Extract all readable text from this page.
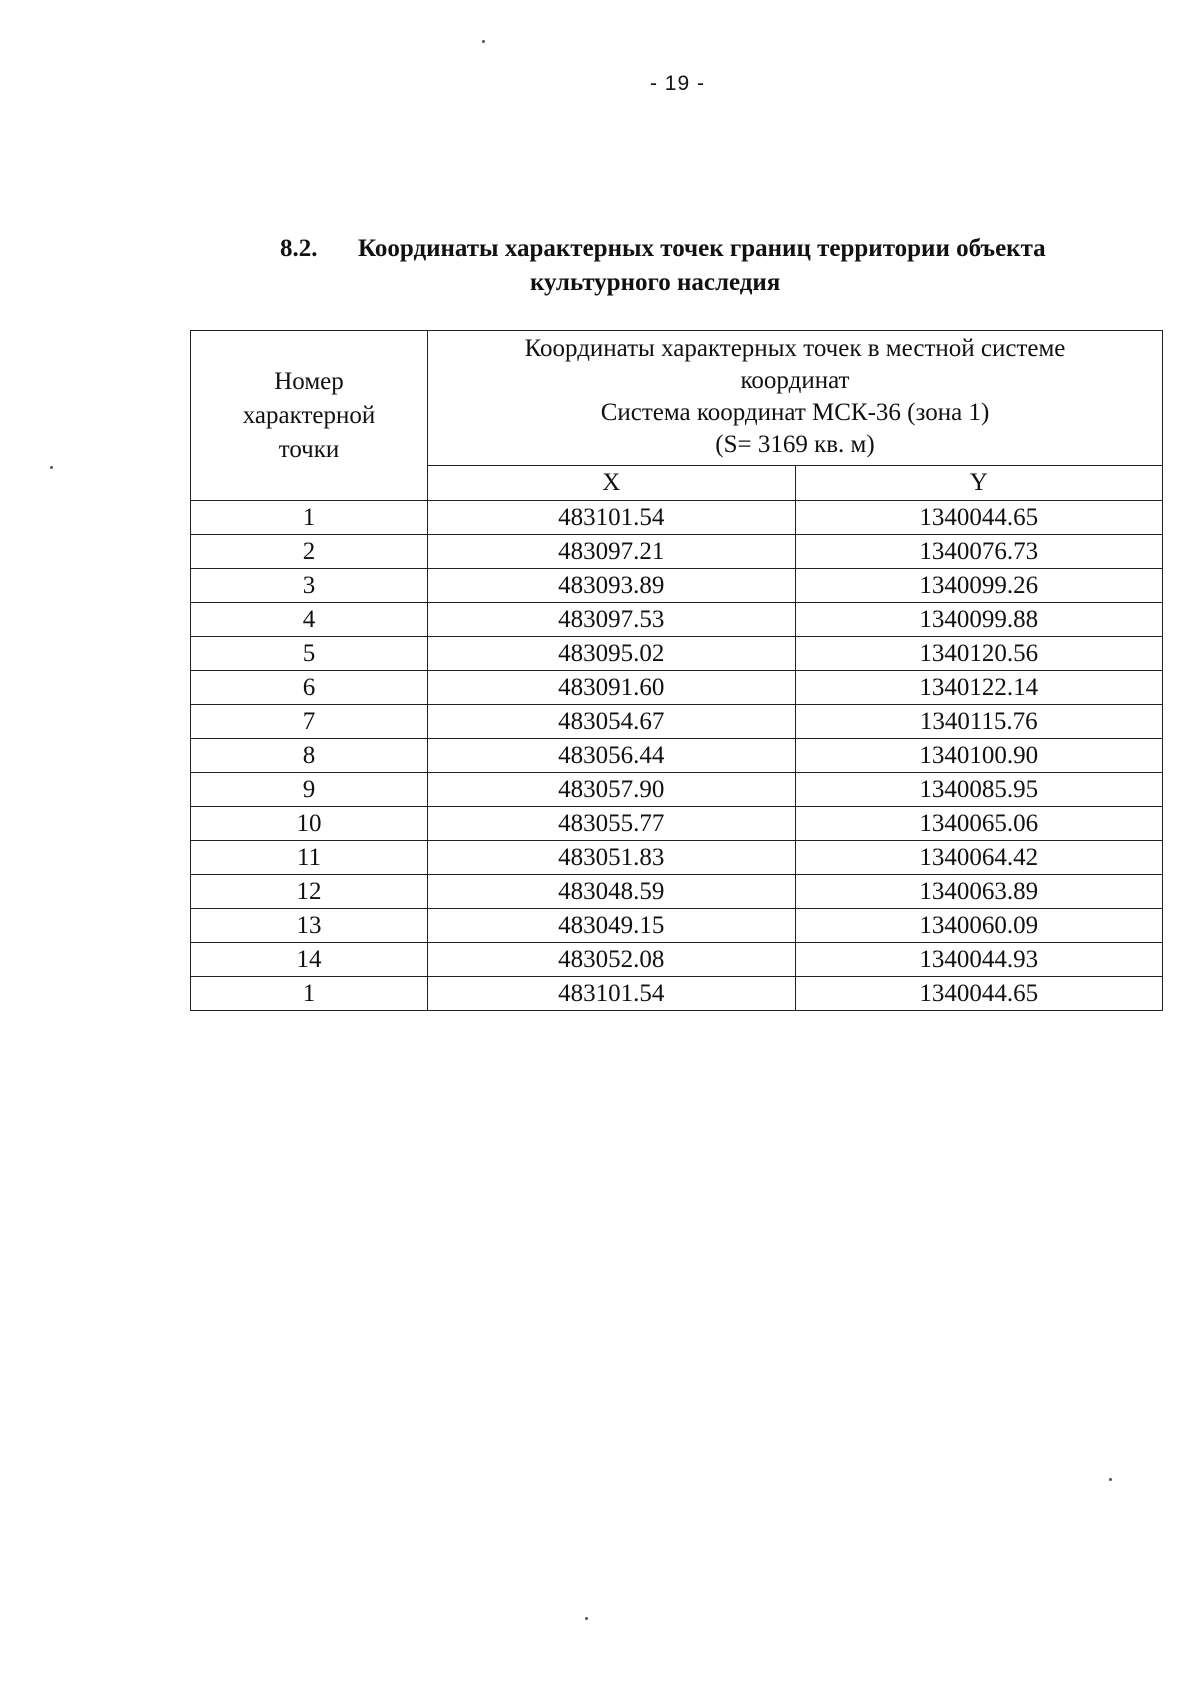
- 19 -
8.2. Координаты характерных точек границ территории объекта
культурного наследия
Номер
характерной
точки	Координаты характерных точек в местной системе
координат
Система координат МСК-36 (зона 1)
(S= 3169 кв. м)	

	X	Y
1	483101.54	1340044.65
2	483097.21	1340076.73
3	483093.89	1340099.26
4	483097.53	1340099.88
5	483095.02	1340120.56
6	483091.60	1340122.14
7	483054.67	1340115.76
8	483056.44	1340100.90
9	483057.90	1340085.95
10	483055.77	1340065.06
11	483051.83	1340064.42
12	483048.59	1340063.89
13	483049.15	1340060.09
14	483052.08	1340044.93
1	483101.54	1340044.65
